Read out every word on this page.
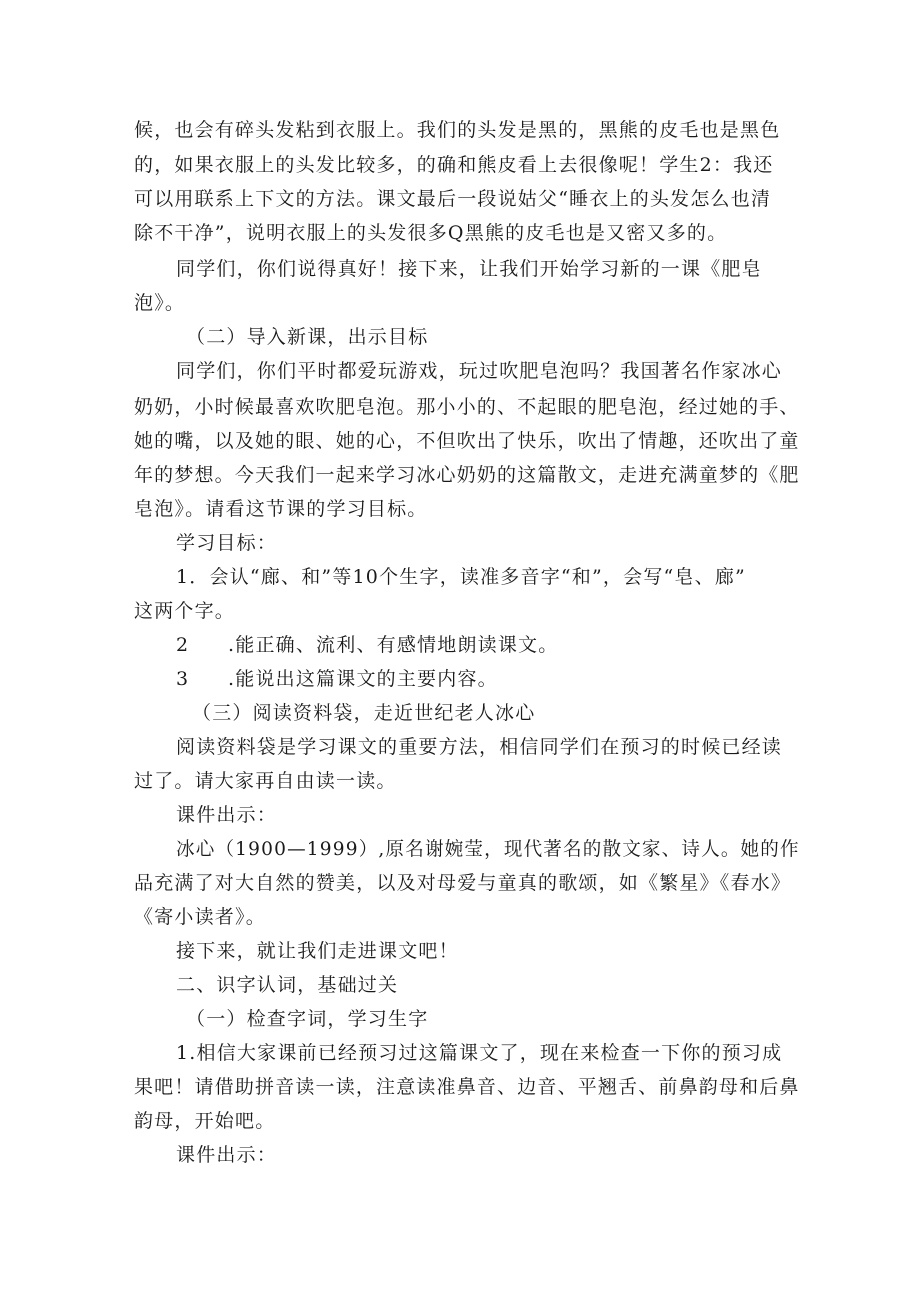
候，也会有碎头发粘到衣服上。我们的头发是黑的，黑熊的皮毛也是黑色
的，如果衣服上的头发比较多，的确和熊皮看上去很像呢！学生2：我还
可以用联系上下文的方法。课文最后一段说姑父“睡衣上的头发怎么也清
除不干净”，说明衣服上的头发很多Q黑熊的皮毛也是又密又多的。
同学们，你们说得真好！接下来，让我们开始学习新的一课《肥皂
泡》。
（二）导入新课，出示目标
同学们，你们平时都爱玩游戏，玩过吹肥皂泡吗？我国著名作家冰心
奶奶，小时候最喜欢吹肥皂泡。那小小的、不起眼的肥皂泡，经过她的手、
她的嘴，以及她的眼、她的心，不但吹出了快乐，吹出了情趣，还吹出了童
年的梦想。今天我们一起来学习冰心奶奶的这篇散文，走进充满童梦的《肥
皂泡》。请看这节课的学习目标。
学习目标：
1．会认“廊、和”等10个生字，读准多音字“和”，会写“皂、廊”
这两个字。
2 .能正确、流利、有感情地朗读课文。
3 .能说出这篇课文的主要内容。
（三）阅读资料袋，走近世纪老人冰心
阅读资料袋是学习课文的重要方法，相信同学们在预习的时候已经读
过了。请大家再自由读一读。
课件出示：
冰心（1900—1999）,原名谢婉莹，现代著名的散文家、诗人。她的作
品充满了对大自然的赞美，以及对母爱与童真的歌颂，如《繁星》《春水》
《寄小读者》。
接下来，就让我们走进课文吧！
二、识字认词，基础过关
（一）检查字词，学习生字
1.相信大家课前已经预习过这篇课文了，现在来检查一下你的预习成
果吧！请借助拼音读一读，注意读准鼻音、边音、平翘舌、前鼻韵母和后鼻
韵母，开始吧。
课件出示：
